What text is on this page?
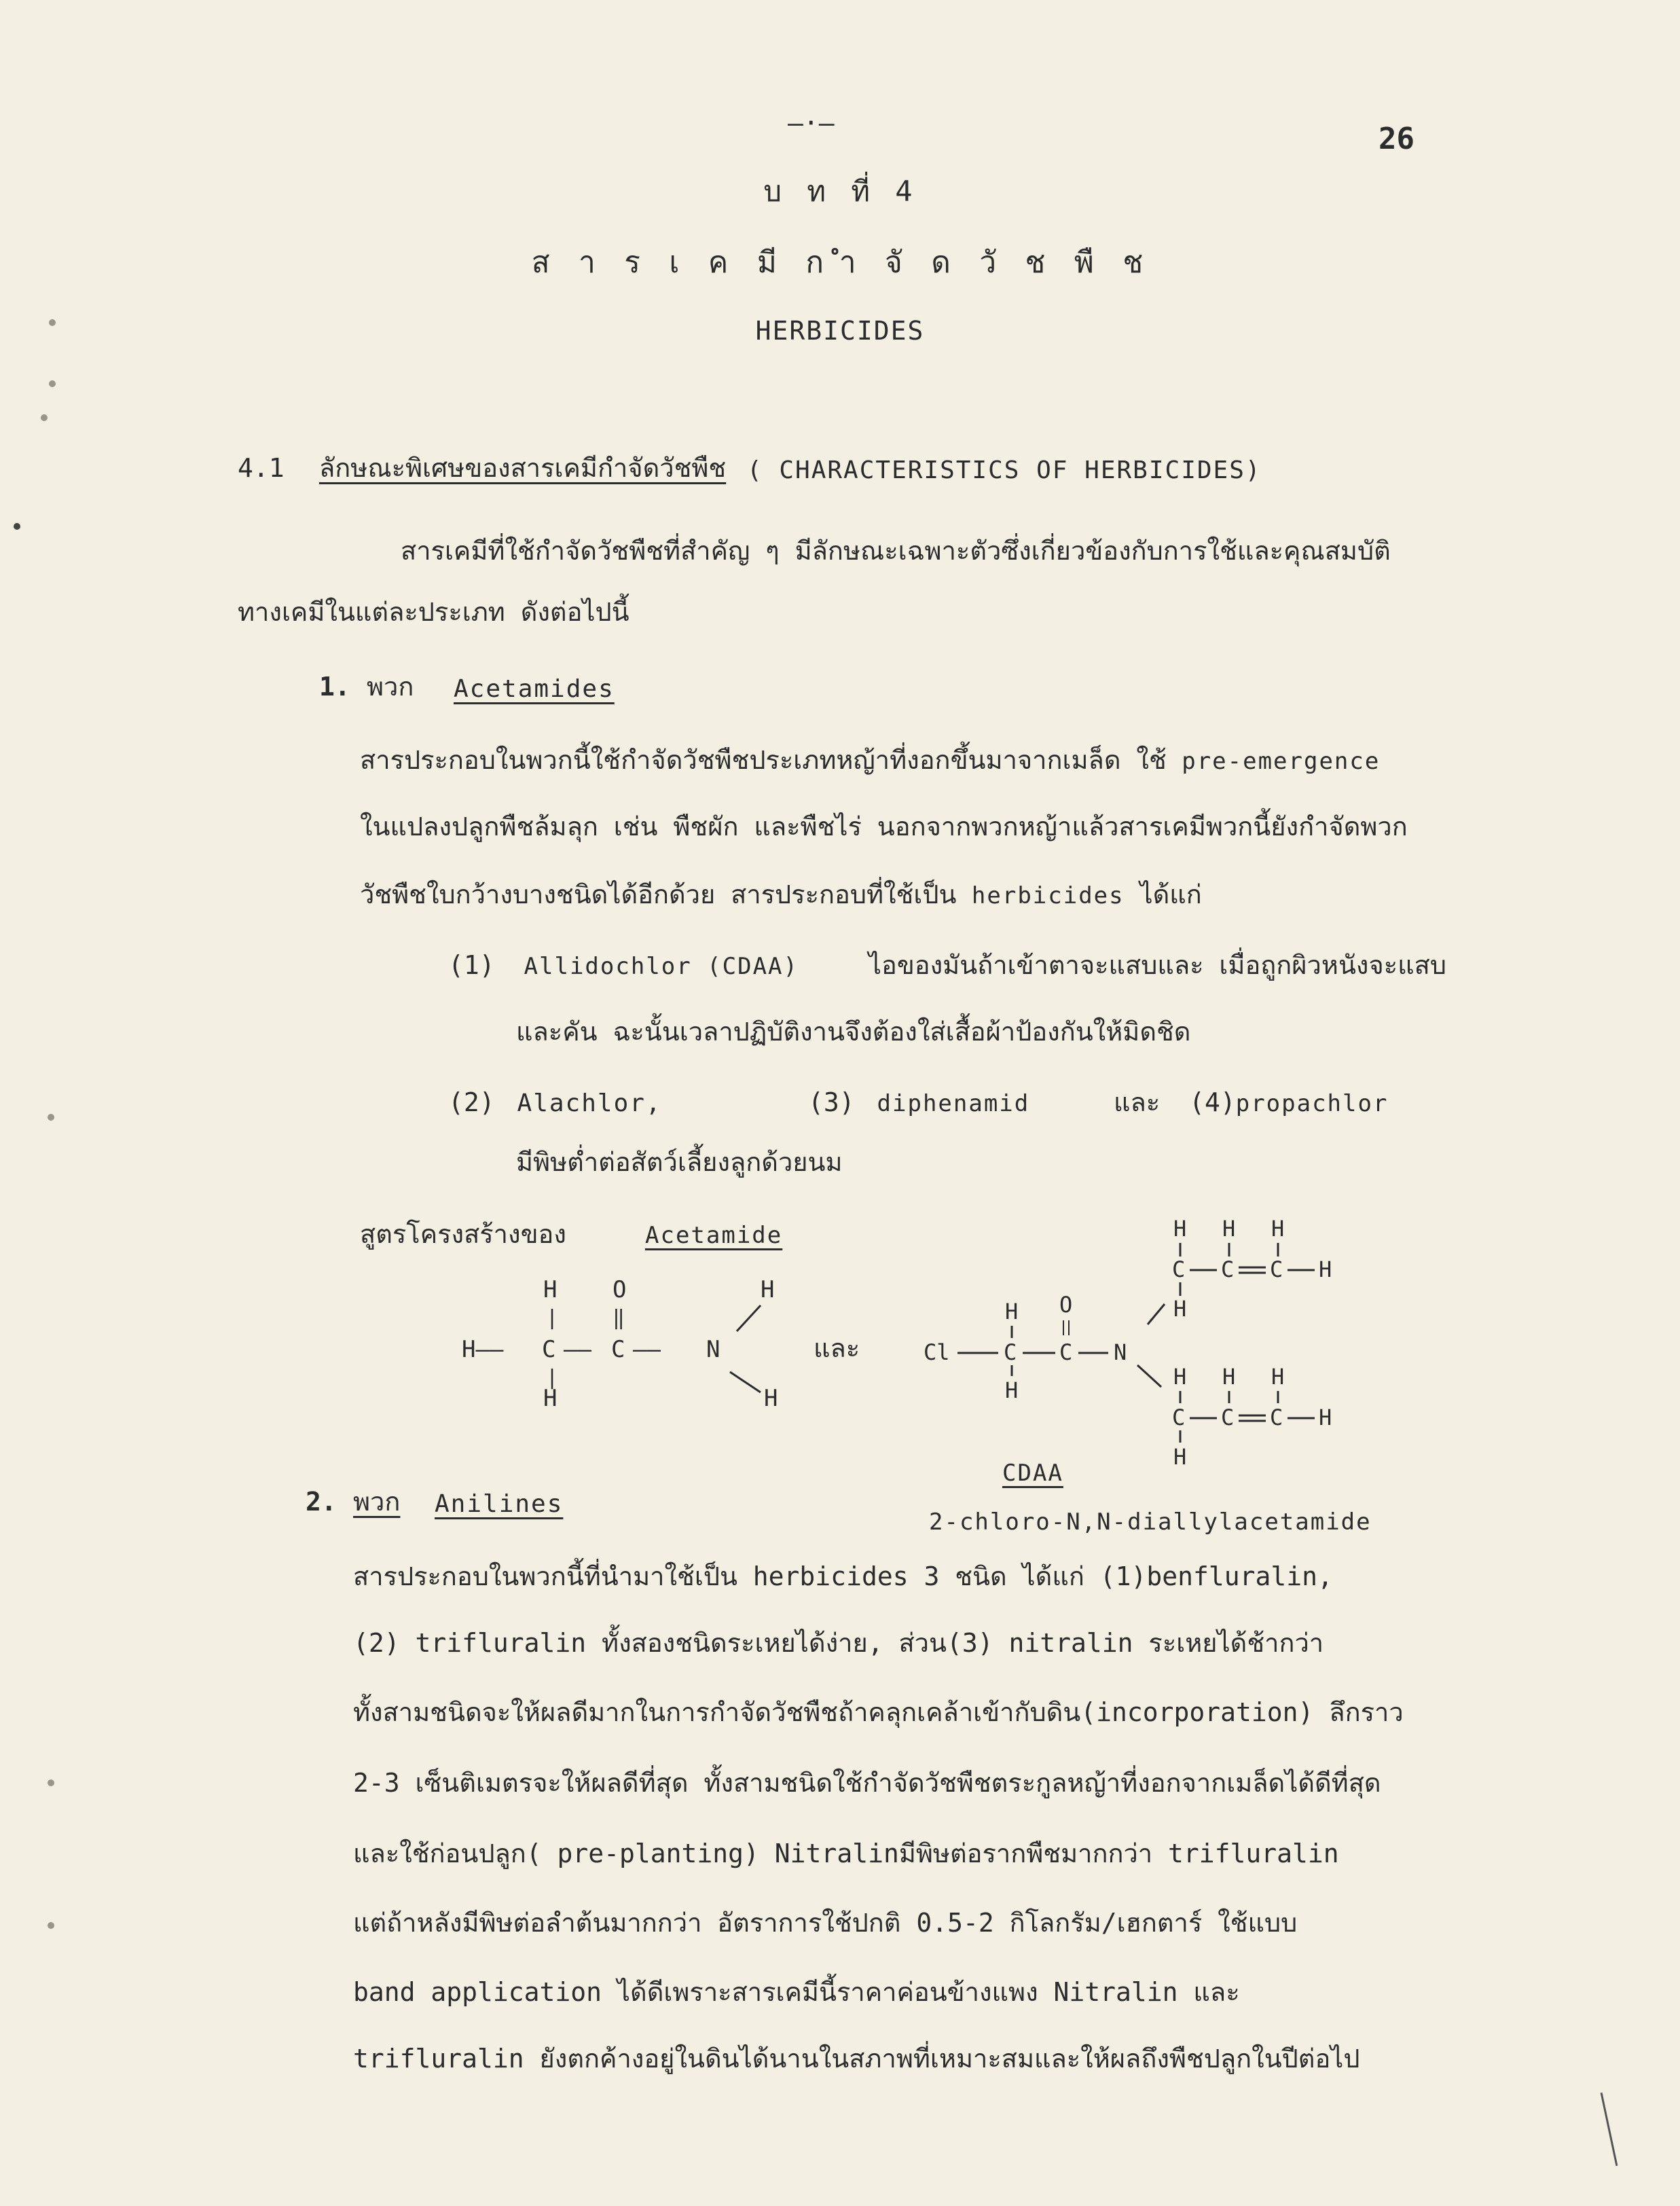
—·—	26
บ ท ที่ 4
ส า ร เ ค มี ก ำ จั ด วั ช พื ช
HERBICIDES
4.1 ลักษณะพิเศษของสารเคมีกำจัดวัชพืช ( CHARACTERISTICS OF HERBICIDES)
สารเคมีที่ใช้กำจัดวัชพืชที่สำคัญ ๆ มีลักษณะเฉพาะตัวซึ่งเกี่ยวข้องกับการใช้และคุณสมบัติ
ทางเคมีในแต่ละประเภท ดังต่อไปนี้
1. พวก Acetamides
สารประกอบในพวกนี้ใช้กำจัดวัชพืชประเภทหญ้าที่งอกขึ้นมาจากเมล็ด ใช้ pre-emergence
ในแปลงปลูกพืชล้มลุก เช่น พืชผัก และพืชไร่ นอกจากพวกหญ้าแล้วสารเคมีพวกนี้ยังกำจัดพวก
วัชพืชใบกว้างบางชนิดได้อีกด้วย สารประกอบที่ใช้เป็น herbicides ได้แก่
(1) Allidochlor (CDAA)	ไอของมันถ้าเข้าตาจะแสบและ เมื่อถูกผิวหนังจะแสบ
และคัน ฉะนั้นเวลาปฏิบัติงานจึงต้องใส่เสื้อผ้าป้องกันให้มิดชิด
(2) Alachlor,	(3) diphenamid	และ (4)propachlor
มีพิษต่ำต่อสัตว์เลี้ยงลูกด้วยนม
สูตรโครงสร้างของ	Acetamide
H O	H
|	‖
H—— C —— C —— N
|
H	H
และ
H H H
C C C H
H
H O
Cl C C N
H
H H H
C C C H
H
CDAA
2-chloro-N,N-diallylacetamide
2. พวก Anilines
สารประกอบในพวกนี้ที่นำมาใช้เป็น herbicides 3 ชนิด ได้แก่ (1)benfluralin,
(2) trifluralin ทั้งสองชนิดระเหยได้ง่าย, ส่วน(3) nitralin ระเหยได้ช้ากว่า
ทั้งสามชนิดจะให้ผลดีมากในการกำจัดวัชพืชถ้าคลุกเคล้าเข้ากับดิน(incorporation) ลึกราว
2-3 เซ็นติเมตรจะให้ผลดีที่สุด ทั้งสามชนิดใช้กำจัดวัชพืชตระกูลหญ้าที่งอกจากเมล็ดได้ดีที่สุด
และใช้ก่อนปลูก( pre-planting) Nitralinมีพิษต่อรากพืชมากกว่า trifluralin
แต่ถ้าหลังมีพิษต่อลำต้นมากกว่า อัตราการใช้ปกติ 0.5-2 กิโลกรัม/เฮกตาร์ ใช้แบบ
band application ได้ดีเพราะสารเคมีนี้ราคาค่อนข้างแพง Nitralin และ
trifluralin ยังตกค้างอยู่ในดินได้นานในสภาพที่เหมาะสมและให้ผลถึงพืชปลูกในปีต่อไป
